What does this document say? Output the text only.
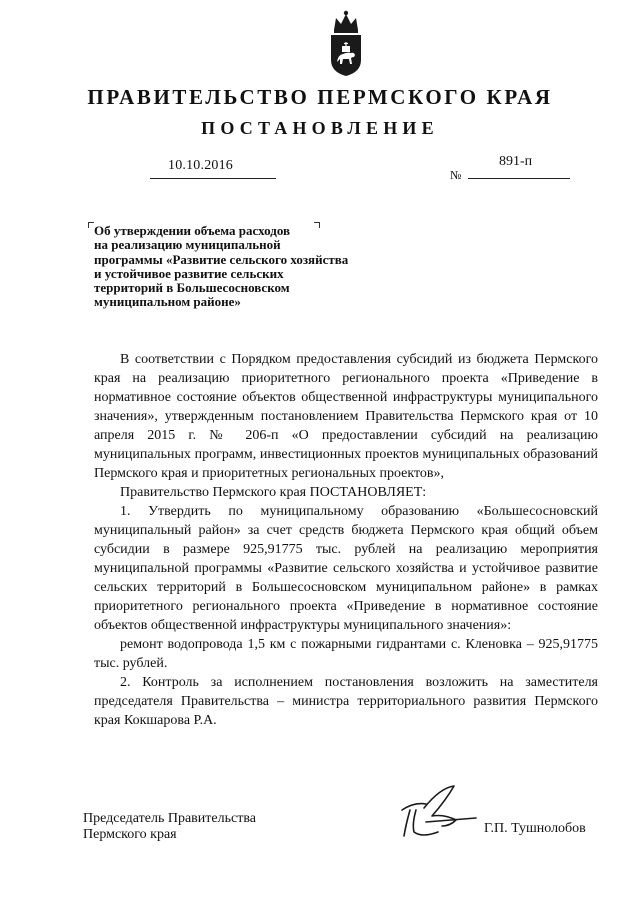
ПРАВИТЕЛЬСТВО ПЕРМСКОГО КРАЯ
ПОСТАНОВЛЕНИЕ
10.10.2016	891-п
№
Об утверждении объема расходов
на реализацию муниципальной
программы «Развитие сельского хозяйства
и устойчивое развитие сельских
территорий в Большесосновском
муниципальном районе»

В соответствии с Порядком предоставления субсидий из бюджета Пермского края на реализацию приоритетного регионального проекта «Приведение в нормативное состояние объектов общественной инфраструктуры муниципального значения», утвержденным постановлением Правительства Пермского края от 10 апреля 2015 г. № 206-п «О предоставлении субсидий на реализацию муниципальных программ, инвестиционных проектов муниципальных образований Пермского края и приоритетных региональных проектов»,

Правительство Пермского края ПОСТАНОВЛЯЕТ:

1. Утвердить по муниципальному образованию «Большесосновский муниципальный район» за счет средств бюджета Пермского края общий объем субсидии в размере 925,91775 тыс. рублей на реализацию мероприятия муниципальной программы «Развитие сельского хозяйства и устойчивое развитие сельских территорий в Большесосновском муниципальном районе» в рамках приоритетного регионального проекта «Приведение в нормативное состояние объектов общественной инфраструктуры муниципального значения»:

ремонт водопровода 1,5 км с пожарными гидрантами с. Кленовка – 925,91775 тыс. рублей.

2. Контроль за исполнением постановления возложить на заместителя председателя Правительства – министра территориального развития Пермского края Кокшарова Р.А.

Председатель Правительства
Пермского края	Г.П. Тушнолобов
